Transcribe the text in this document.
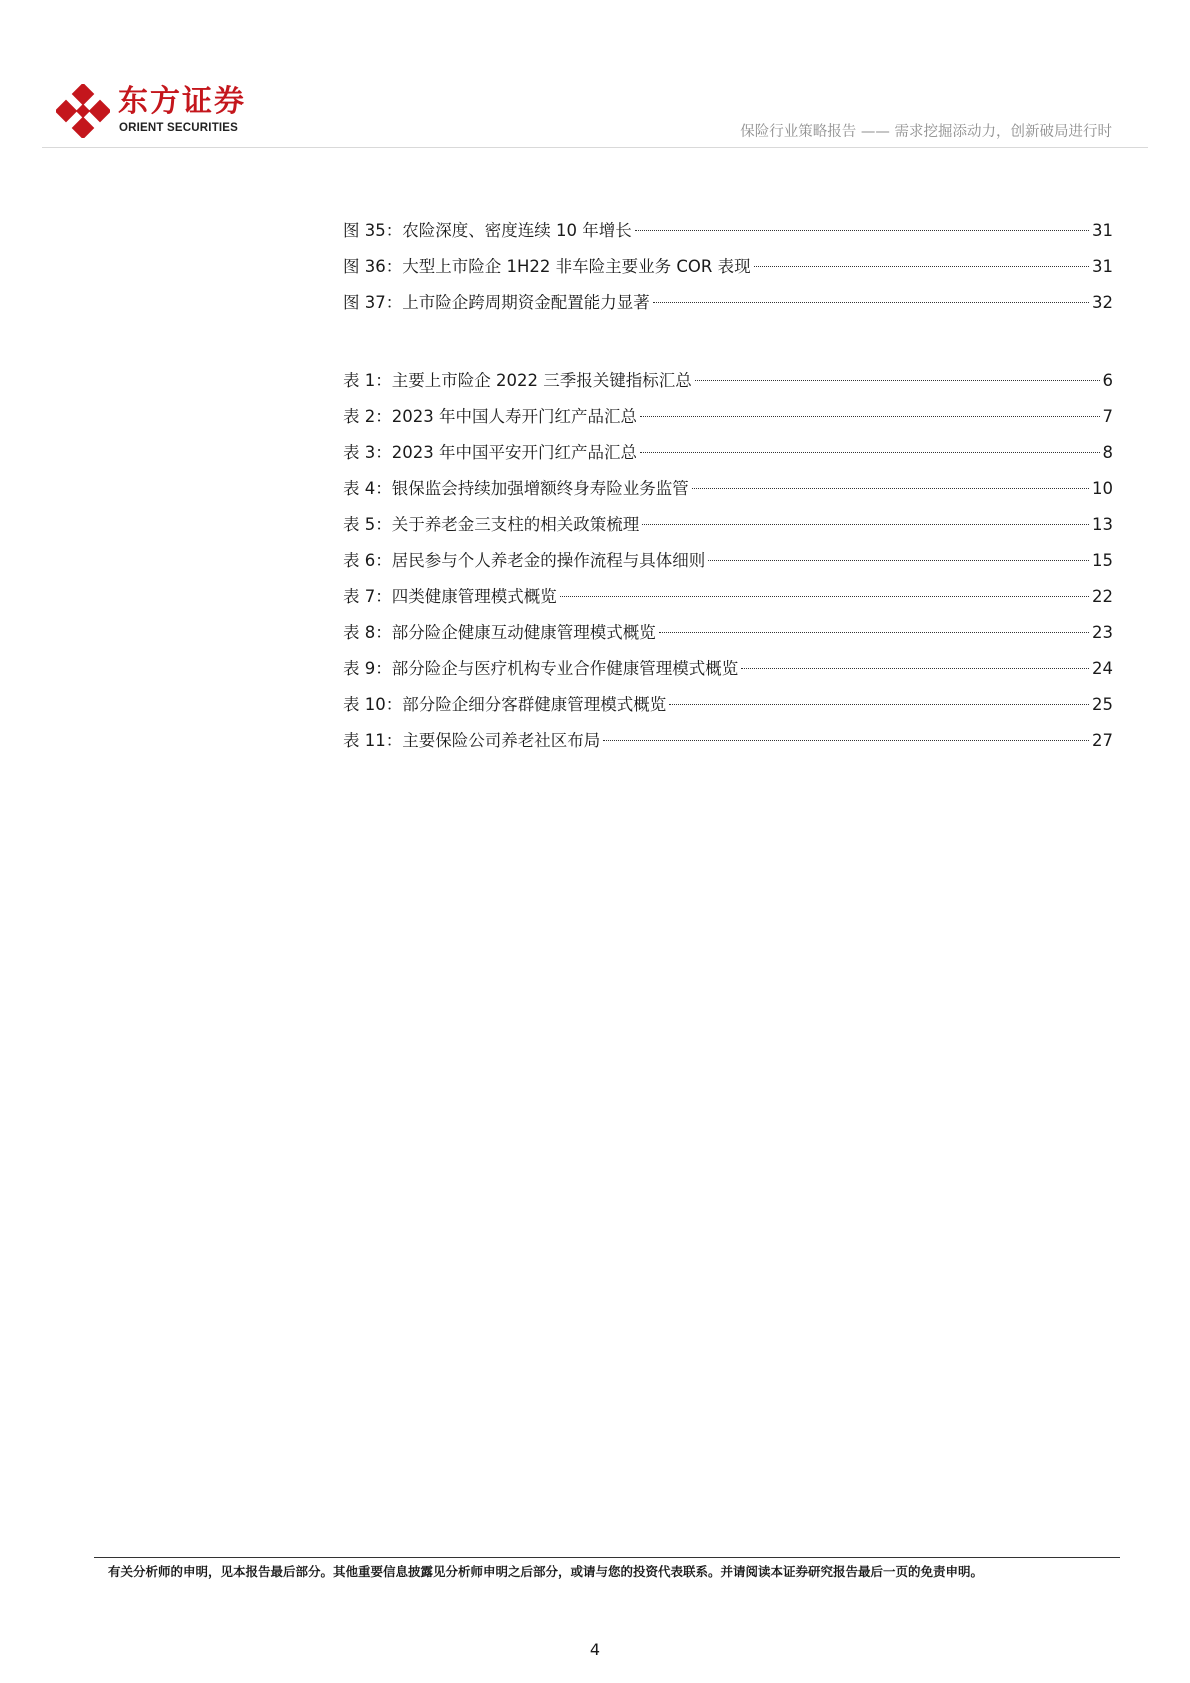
东方证券
ORIENT SECURITIES	保险行业策略报告 —— 需求挖掘添动力，创新破局进行时
图 35：农险深度、密度连续 10 年增长	31
图 36：大型上市险企 1H22 非车险主要业务 COR 表现	31
图 37：上市险企跨周期资金配置能力显著	32
表 1：主要上市险企 2022 三季报关键指标汇总	6
表 2：2023 年中国人寿开门红产品汇总	7
表 3：2023 年中国平安开门红产品汇总	8
表 4：银保监会持续加强增额终身寿险业务监管	10
表 5：关于养老金三支柱的相关政策梳理	13
表 6：居民参与个人养老金的操作流程与具体细则	15
表 7：四类健康管理模式概览	22
表 8：部分险企健康互动健康管理模式概览	23
表 9：部分险企与医疗机构专业合作健康管理模式概览	24
表 10：部分险企细分客群健康管理模式概览	25
表 11：主要保险公司养老社区布局	27
有关分析师的申明，见本报告最后部分。其他重要信息披露见分析师申明之后部分，或请与您的投资代表联系。并请阅读本证券研究报告最后一页的免责申明。
4
